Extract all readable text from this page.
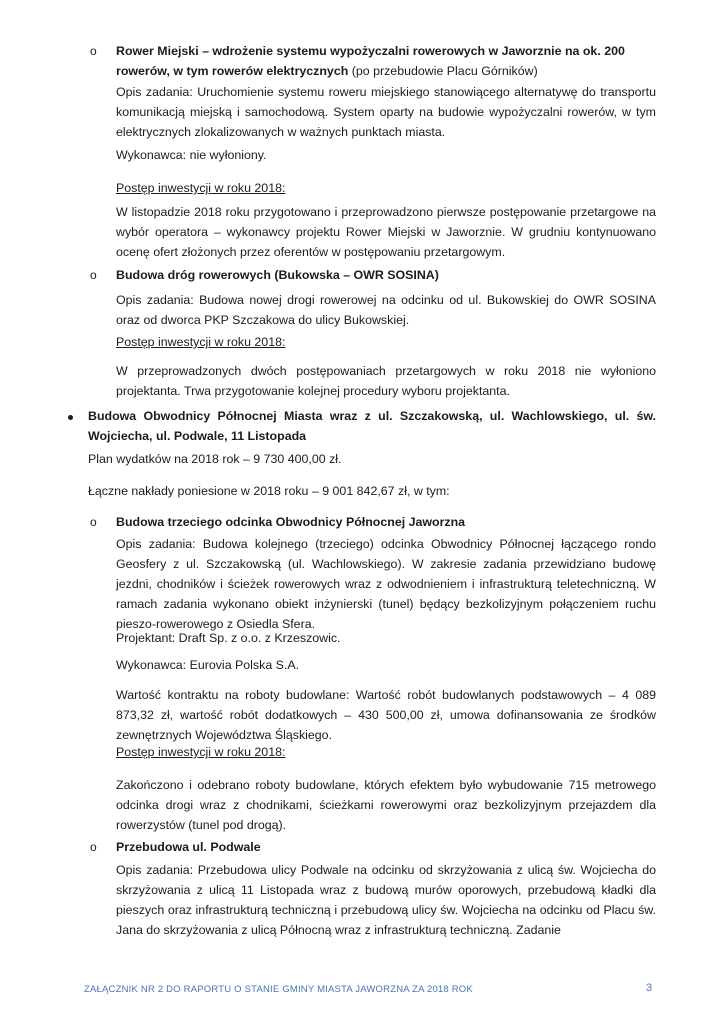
o Rower Miejski – wdrożenie systemu wypożyczalni rowerowych w Jaworznie na ok. 200 rowerów, w tym rowerów elektrycznych (po przebudowie Placu Górników)

Opis zadania: Uruchomienie systemu roweru miejskiego stanowiącego alternatywę do transportu komunikacją miejską i samochodową. System oparty na budowie wypożyczalni rowerów, w tym elektrycznych zlokalizowanych w ważnych punktach miasta.

Wykonawca: nie wyłoniony.

Postęp inwestycji w roku 2018:

W listopadzie 2018 roku przygotowano i przeprowadzono pierwsze postępowanie przetargowe na wybór operatora – wykonawcy projektu Rower Miejski w Jaworznie. W grudniu kontynuowano ocenę ofert złożonych przez oferentów w postępowaniu przetargowym.

o Budowa dróg rowerowych (Bukowska – OWR SOSINA)

Opis zadania: Budowa nowej drogi rowerowej na odcinku od ul. Bukowskiej do OWR SOSINA oraz od dworca PKP Szczakowa do ulicy Bukowskiej.

Postęp inwestycji w roku 2018:

W przeprowadzonych dwóch postępowaniach przetargowych w roku 2018 nie wyłoniono projektanta. Trwa przygotowanie kolejnej procedury wyboru projektanta.

Budowa Obwodnicy Północnej Miasta wraz z ul. Szczakowską, ul. Wachlowskiego, ul. św. Wojciecha, ul. Podwale, 11 Listopada

Plan wydatków na 2018 rok – 9 730 400,00 zł.

Łączne nakłady poniesione w 2018 roku – 9 001 842,67 zł, w tym:

o Budowa trzeciego odcinka Obwodnicy Północnej Jaworzna

Opis zadania: Budowa kolejnego (trzeciego) odcinka Obwodnicy Północnej łączącego rondo Geosfery z ul. Szczakowską (ul. Wachlowskiego). W zakresie zadania przewidziano budowę jezdni, chodników i ścieżek rowerowych wraz z odwodnieniem i infrastrukturą teletechniczną. W ramach zadania wykonano obiekt inżynierski (tunel) będący bezkolizyjnym połączeniem ruchu pieszo-rowerowego z Osiedla Sfera.

Projektant: Draft Sp. z o.o. z Krzeszowic.

Wykonawca: Eurovia Polska S.A.

Wartość kontraktu na roboty budowlane: Wartość robót budowlanych podstawowych – 4 089 873,32 zł, wartość robót dodatkowych – 430 500,00 zł, umowa dofinansowania ze środków zewnętrznych Województwa Śląskiego.

Postęp inwestycji w roku 2018:

Zakończono i odebrano roboty budowlane, których efektem było wybudowanie 715 metrowego odcinka drogi wraz z chodnikami, ścieżkami rowerowymi oraz bezkolizyjnym przejazdem dla rowerzystów (tunel pod drogą).

o Przebudowa ul. Podwale

Opis zadania: Przebudowa ulicy Podwale na odcinku od skrzyżowania z ulicą św. Wojciecha do skrzyżowania z ulicą 11 Listopada wraz z budową murów oporowych, przebudową kładki dla pieszych oraz infrastrukturą techniczną i przebudową ulicy św. Wojciecha na odcinku od Placu św. Jana do skrzyżowania z ulicą Północną wraz z infrastrukturą techniczną. Zadanie

ZAŁĄCZNIK NR 2 DO RAPORTU O STANIE GMINY MIASTA JAWORZNA ZA 2018 ROK	3
